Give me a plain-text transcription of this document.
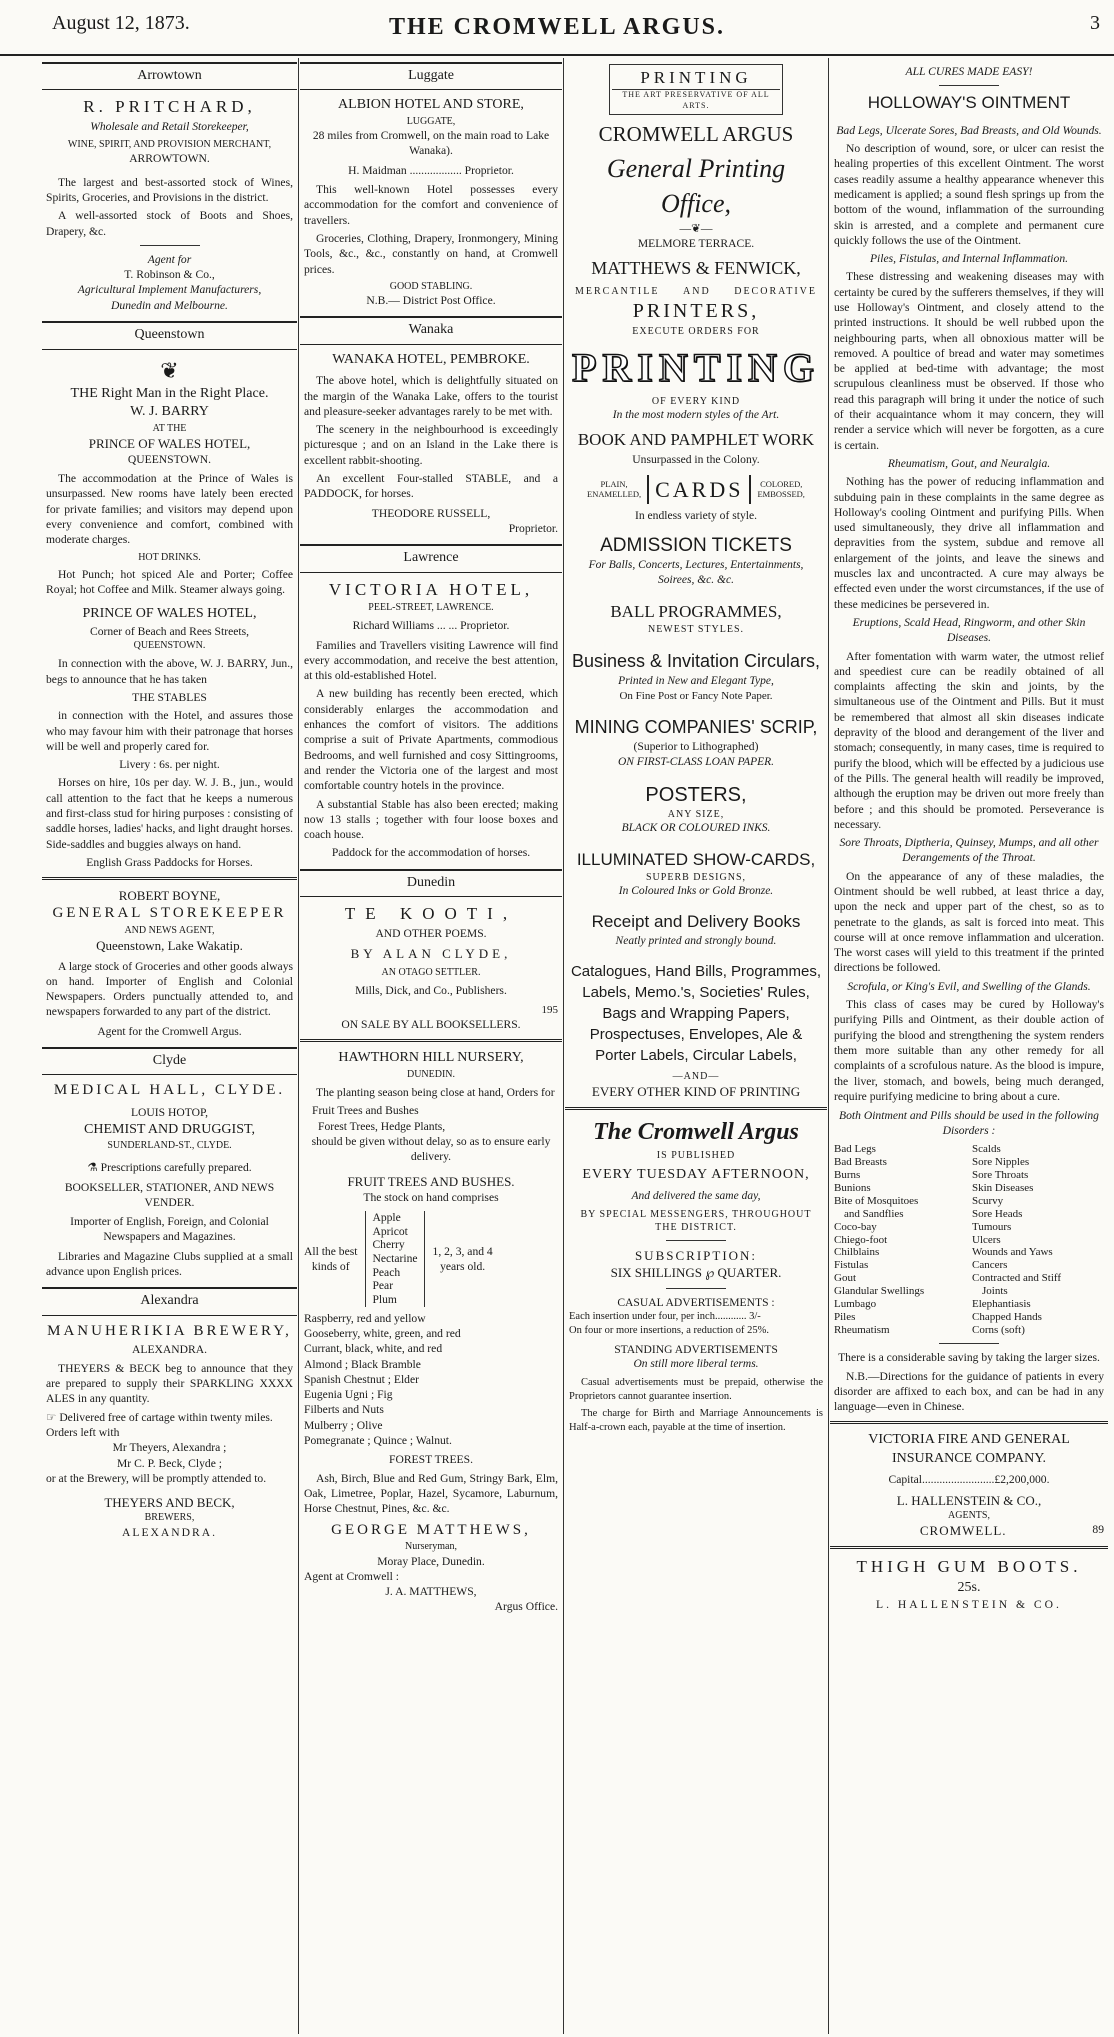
August 12, 1873.	THE CROMWELL ARGUS.	3
Arrowtown
R. PRITCHARD,
Wholesale and Retail Storekeeper,
WINE, SPIRIT, AND PROVISION MERCHANT,
ARROWTOWN.

The largest and best-assorted stock of Wines, Spirits, Groceries, and Provisions in the district.

A well-assorted stock of Boots and Shoes, Drapery, &c.

Agent for
T. Robinson & Co.,
Agricultural Implement Manufacturers,
Dunedin and Melbourne.
Queenstown
❦
THE Right Man in the Right Place.
W. J. BARRY
AT THE
PRINCE OF WALES HOTEL,
QUEENSTOWN.

The accommodation at the Prince of Wales is unsurpassed. New rooms have lately been erected for private families; and visitors may depend upon every convenience and comfort, combined with moderate charges.

HOT DRINKS.

Hot Punch; hot spiced Ale and Porter; Coffee Royal; hot Coffee and Milk. Steamer always going.

PRINCE OF WALES HOTEL,
Corner of Beach and Rees Streets,
QUEENSTOWN.

In connection with the above, W. J. BARRY, Jun., begs to announce that he has taken

THE STABLES

in connection with the Hotel, and assures those who may favour him with their patronage that horses will be well and properly cared for.

Livery : 6s. per night.

Horses on hire, 10s per day. W. J. B., jun., would call attention to the fact that he keeps a numerous and first-class stud for hiring purposes : consisting of saddle horses, ladies' hacks, and light draught horses. Side-saddles and buggies always on hand.

English Grass Paddocks for Horses.
ROBERT BOYNE,
GENERAL STOREKEEPER
AND NEWS AGENT,
Queenstown, Lake Wakatip.

A large stock of Groceries and other goods always on hand. Importer of English and Colonial Newspapers. Orders punctually attended to, and newspapers forwarded to any part of the district.

Agent for the Cromwell Argus.
Clyde
MEDICAL HALL, CLYDE.
LOUIS HOTOP,
CHEMIST AND DRUGGIST,
SUNDERLAND-ST., CLYDE.
⚗ Prescriptions carefully prepared.
BOOKSELLER, STATIONER, AND NEWS VENDER.
Importer of English, Foreign, and Colonial Newspapers and Magazines.

Libraries and Magazine Clubs supplied at a small advance upon English prices.

Alexandra
MANUHERIKIA BREWERY,
ALEXANDRA.

THEYERS & BECK beg to announce that they are prepared to supply their SPARKLING XXXX ALES in any quantity.

☞ Delivered free of cartage within twenty miles.
Orders left with
Mr Theyers, Alexandra ;
Mr C. P. Beck, Clyde ;
or at the Brewery, will be promptly attended to.
THEYERS AND BECK,
BREWERS,
ALEXANDRA.
Luggate
ALBION HOTEL AND STORE,
LUGGATE,
28 miles from Cromwell, on the main road to Lake Wanaka).
H. Maidman .................. Proprietor.

This well-known Hotel possesses every accommodation for the comfort and convenience of travellers.

Groceries, Clothing, Drapery, Ironmongery, Mining Tools, &c., &c., constantly on hand, at Cromwell prices.

GOOD STABLING.
N.B.— District Post Office.
Wanaka
WANAKA HOTEL, PEMBROKE.

The above hotel, which is delightfully situated on the margin of the Wanaka Lake, offers to the tourist and pleasure-seeker advantages rarely to be met with.

The scenery in the neighbourhood is exceedingly picturesque ; and on an Island in the Lake there is excellent rabbit-shooting.

An excellent Four-stalled STABLE, and a PADDOCK, for horses.

THEODORE RUSSELL,
Proprietor.
Lawrence
VICTORIA HOTEL,
PEEL-STREET, LAWRENCE.
Richard Williams ... ... Proprietor.

Families and Travellers visiting Lawrence will find every accommodation, and receive the best attention, at this old-established Hotel.

A new building has recently been erected, which considerably enlarges the accommodation and enhances the comfort of visitors. The additions comprise a suit of Private Apartments, commodious Bedrooms, and well furnished and cosy Sittingrooms, and render the Victoria one of the largest and most comfortable country hotels in the province.

A substantial Stable has also been erected; making now 13 stalls ; together with four loose boxes and coach house.

Paddock for the accommodation of horses.
Dunedin
TE KOOTI,
AND OTHER POEMS.
BY ALAN CLYDE,
AN OTAGO SETTLER.
Mills, Dick, and Co., Publishers.
195
ON SALE BY ALL BOOKSELLERS.
HAWTHORN HILL NURSERY,
DUNEDIN.

The planting season being close at hand, Orders for

Fruit Trees and Bushes
Forest Trees, Hedge Plants,
should be given without delay, so as to ensure early delivery.
FRUIT TREES AND BUSHES.
The stock on hand comprises
All the best
kinds of
Apple
Apricot
Cherry
Nectarine
Peach
Pear
Plum
1, 2, 3, and 4
years old.
Raspberry, red and yellow
Gooseberry, white, green, and red
Currant, black, white, and red
Almond ; Black Bramble
Spanish Chestnut ; Elder
Eugenia Ugni ; Fig
Filberts and Nuts
Mulberry ; Olive
Pomegranate ; Quince ; Walnut.
FOREST TREES.

Ash, Birch, Blue and Red Gum, Stringy Bark, Elm, Oak, Limetree, Poplar, Hazel, Sycamore, Laburnum, Horse Chestnut, Pines, &c. &c.

GEORGE MATTHEWS,
Nurseryman,
Moray Place, Dunedin.
Agent at Cromwell :
J. A. MATTHEWS,
Argus Office.
PRINTING
THE ART PRESERVATIVE OF ALL ARTS.
CROMWELL ARGUS
General Printing Office,
—❦—
MELMORE TERRACE.
MATTHEWS & FENWICK,
MERCANTILE AND DECORATIVE
PRINTERS,
EXECUTE ORDERS FOR
PRINTING
OF EVERY KIND
In the most modern styles of the Art.
BOOK AND PAMPHLET WORK
Unsurpassed in the Colony.
PLAIN,
ENAMELLED, CARDS	COLORED,
EMBOSSED,
In endless variety of style.
ADMISSION TICKETS
For Balls, Concerts, Lectures, Entertainments, Soirees, &c. &c.
BALL PROGRAMMES,
NEWEST STYLES.
Business & Invitation Circulars,
Printed in New and Elegant Type,
On Fine Post or Fancy Note Paper.
MINING COMPANIES' SCRIP,
(Superior to Lithographed)
ON FIRST-CLASS LOAN PAPER.
POSTERS,
ANY SIZE,
BLACK OR COLOURED INKS.
ILLUMINATED SHOW-CARDS,
SUPERB DESIGNS,
In Coloured Inks or Gold Bronze.
Receipt and Delivery Books
Neatly printed and strongly bound.
Catalogues, Hand Bills, Programmes, Labels, Memo.'s, Societies' Rules, Bags and Wrapping Papers, Prospectuses, Envelopes, Ale & Porter Labels, Circular Labels,
—AND—
EVERY OTHER KIND OF PRINTING
The Cromwell Argus
IS PUBLISHED
EVERY TUESDAY AFTERNOON,
And delivered the same day,
BY SPECIAL MESSENGERS, THROUGHOUT THE DISTRICT.
SUBSCRIPTION:
SIX SHILLINGS ℘ QUARTER.
CASUAL ADVERTISEMENTS :
Each insertion under four, per inch............ 3/-
On four or more insertions, a reduction of 25%.
STANDING ADVERTISEMENTS
On still more liberal terms.

Casual advertisements must be prepaid, otherwise the Proprietors cannot guarantee insertion.

The charge for Birth and Marriage Announcements is Half-a-crown each, payable at the time of insertion.

ALL CURES MADE EASY!
HOLLOWAY'S OINTMENT
Bad Legs, Ulcerate Sores, Bad Breasts, and Old Wounds.

No description of wound, sore, or ulcer can resist the healing properties of this excellent Ointment. The worst cases readily assume a healthy appearance whenever this medicament is applied; a sound flesh springs up from the bottom of the wound, inflammation of the surrounding skin is arrested, and a complete and permanent cure quickly follows the use of the Ointment.

Piles, Fistulas, and Internal Inflammation.

These distressing and weakening diseases may with certainty be cured by the sufferers themselves, if they will use Holloway's Ointment, and closely attend to the printed instructions. It should be well rubbed upon the neighbouring parts, when all obnoxious matter will be removed. A poultice of bread and water may sometimes be applied at bed-time with advantage; the most scrupulous cleanliness must be observed. If those who read this paragraph will bring it under the notice of such of their acquaintance whom it may concern, they will render a service which will never be forgotten, as a cure is certain.

Rheumatism, Gout, and Neuralgia.

Nothing has the power of reducing inflammation and subduing pain in these complaints in the same degree as Holloway's cooling Ointment and purifying Pills. When used simultaneously, they drive all inflammation and depravities from the system, subdue and remove all enlargement of the joints, and leave the sinews and muscles lax and uncontracted. A cure may always be effected even under the worst circumstances, if the use of these medicines be persevered in.

Eruptions, Scald Head, Ringworm, and other Skin Diseases.

After fomentation with warm water, the utmost relief and speediest cure can be readily obtained of all complaints affecting the skin and joints, by the simultaneous use of the Ointment and Pills. But it must be remembered that almost all skin diseases indicate depravity of the blood and derangement of the liver and stomach; consequently, in many cases, time is required to purify the blood, which will be effected by a judicious use of the Pills. The general health will readily be improved, although the eruption may be driven out more freely than before ; and this should be promoted. Perseverance is necessary.

Sore Throats, Diptheria, Quinsey, Mumps, and all other Derangements of the Throat.

On the appearance of any of these maladies, the Ointment should be well rubbed, at least thrice a day, upon the neck and upper part of the chest, so as to penetrate to the glands, as salt is forced into meat. This course will at once remove inflammation and ulceration. The worst cases will yield to this treatment if the printed directions be followed.

Scrofula, or King's Evil, and Swelling of the Glands.

This class of cases may be cured by Holloway's purifying Pills and Ointment, as their double action of purifying the blood and strengthening the system renders them more suitable than any other remedy for all complaints of a scrofulous nature. As the blood is impure, the liver, stomach, and bowels, being much deranged, require purifying medicine to bring about a cure.

Both Ointment and Pills should be used in the following Disorders :
Bad Legs
Bad Breasts
Burns
Bunions
Bite of Mosquitoes
and Sandflies
Coco-bay
Chiego-foot
Chilblains
Fistulas
Gout
Glandular Swellings
Lumbago
Piles
Rheumatism
Scalds
Sore Nipples
Sore Throats
Skin Diseases
Scurvy
Sore Heads
Tumours
Ulcers
Wounds and Yaws
Cancers
Contracted and Stiff
Joints
Elephantiasis
Chapped Hands
Corns (soft)
There is a considerable saving by taking the larger sizes.

N.B.—Directions for the guidance of patients in every disorder are affixed to each box, and can be had in any language—even in Chinese.

VICTORIA FIRE AND GENERAL INSURANCE COMPANY.
Capital.........................£2,200,000.
L. HALLENSTEIN & CO.,
AGENTS,
CROMWELL.	89
THIGH GUM BOOTS.
25s.
L. HALLENSTEIN & CO.
